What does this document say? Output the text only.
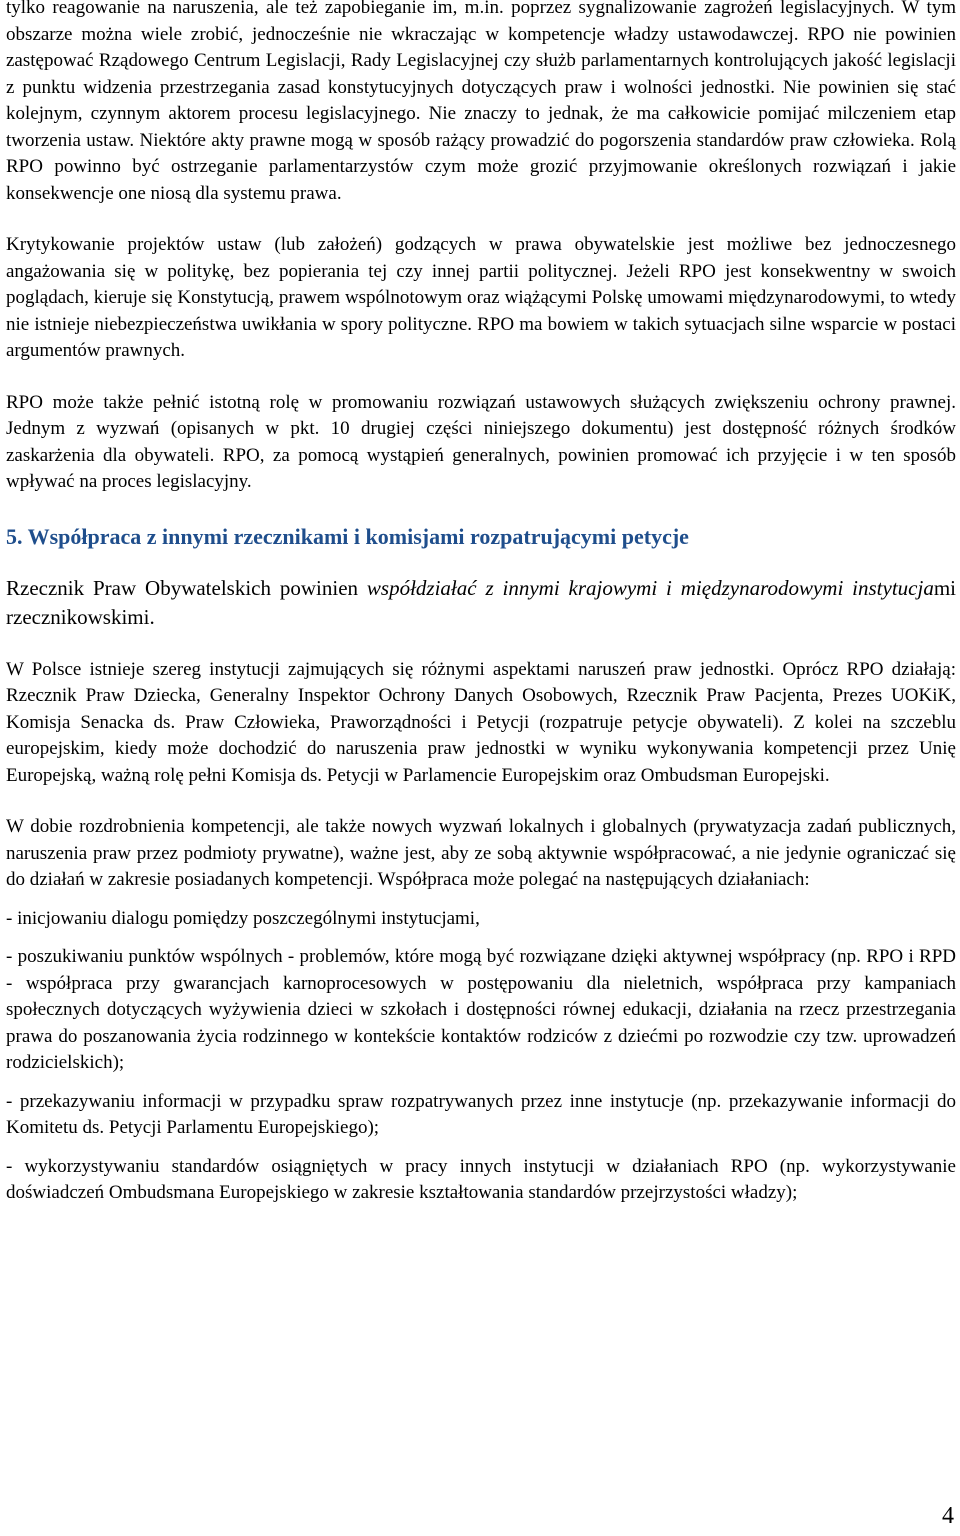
tylko reagowanie na naruszenia, ale też zapobieganie im, m.in. poprzez sygnalizowanie zagrożeń legislacyjnych. W tym obszarze można wiele zrobić, jednocześnie nie wkraczając w kompetencje władzy ustawodawczej. RPO nie powinien zastępować Rządowego Centrum Legislacji, Rady Legislacyjnej czy służb parlamentarnych kontrolujących jakość legislacji z punktu widzenia przestrzegania zasad konstytucyjnych dotyczących praw i wolności jednostki. Nie powinien się stać kolejnym, czynnym aktorem procesu legislacyjnego. Nie znaczy to jednak, że ma całkowicie pomijać milczeniem etap tworzenia ustaw. Niektóre akty prawne mogą w sposób rażący prowadzić do pogorszenia standardów praw człowieka. Rolą RPO powinno być ostrzeganie parlamentarzystów czym może grozić przyjmowanie określonych rozwiązań i jakie konsekwencje one niosą dla systemu prawa.

Krytykowanie projektów ustaw (lub założeń) godzących w prawa obywatelskie jest możliwe bez jednoczesnego angażowania się w politykę, bez popierania tej czy innej partii politycznej. Jeżeli RPO jest konsekwentny w swoich poglądach, kieruje się Konstytucją, prawem wspólnotowym oraz wiążącymi Polskę umowami międzynarodowymi, to wtedy nie istnieje niebezpieczeństwa uwikłania w spory polityczne. RPO ma bowiem w takich sytuacjach silne wsparcie w postaci argumentów prawnych.

RPO może także pełnić istotną rolę w promowaniu rozwiązań ustawowych służących zwiększeniu ochrony prawnej. Jednym z wyzwań (opisanych w pkt. 10 drugiej części niniejszego dokumentu) jest dostępność różnych środków zaskarżenia dla obywateli. RPO, za pomocą wystąpień generalnych, powinien promować ich przyjęcie i w ten sposób wpływać na proces legislacyjny.

5. Współpraca z innymi rzecznikami i komisjami rozpatrującymi petycje

Rzecznik Praw Obywatelskich powinien współdziałać z innymi krajowymi i międzynarodowymi instytucjami rzecznikowskimi.

W Polsce istnieje szereg instytucji zajmujących się różnymi aspektami naruszeń praw jednostki. Oprócz RPO działają: Rzecznik Praw Dziecka, Generalny Inspektor Ochrony Danych Osobowych, Rzecznik Praw Pacjenta, Prezes UOKiK, Komisja Senacka ds. Praw Człowieka, Praworządności i Petycji (rozpatruje petycje obywateli). Z kolei na szczeblu europejskim, kiedy może dochodzić do naruszenia praw jednostki w wyniku wykonywania kompetencji przez Unię Europejską, ważną rolę pełni Komisja ds. Petycji w Parlamencie Europejskim oraz Ombudsman Europejski.

W dobie rozdrobnienia kompetencji, ale także nowych wyzwań lokalnych i globalnych (prywatyzacja zadań publicznych, naruszenia praw przez podmioty prywatne), ważne jest, aby ze sobą aktywnie współpracować, a nie jedynie ograniczać się do działań w zakresie posiadanych kompetencji. Współpraca może polegać na następujących działaniach:

- inicjowaniu dialogu pomiędzy poszczególnymi instytucjami,

- poszukiwaniu punktów wspólnych - problemów, które mogą być rozwiązane dzięki aktywnej współpracy (np. RPO i RPD - współpraca przy gwarancjach karnoprocesowych w postępowaniu dla nieletnich, współpraca przy kampaniach społecznych dotyczących wyżywienia dzieci w szkołach i dostępności równej edukacji, działania na rzecz przestrzegania prawa do poszanowania życia rodzinnego w kontekście kontaktów rodziców z dziećmi po rozwodzie czy tzw. uprowadzeń rodzicielskich);

- przekazywaniu informacji w przypadku spraw rozpatrywanych przez inne instytucje (np. przekazywanie informacji do Komitetu ds. Petycji Parlamentu Europejskiego);

- wykorzystywaniu standardów osiągniętych w pracy innych instytucji w działaniach RPO (np. wykorzystywanie doświadczeń Ombudsmana Europejskiego w zakresie kształtowania standardów przejrzystości władzy);

4
